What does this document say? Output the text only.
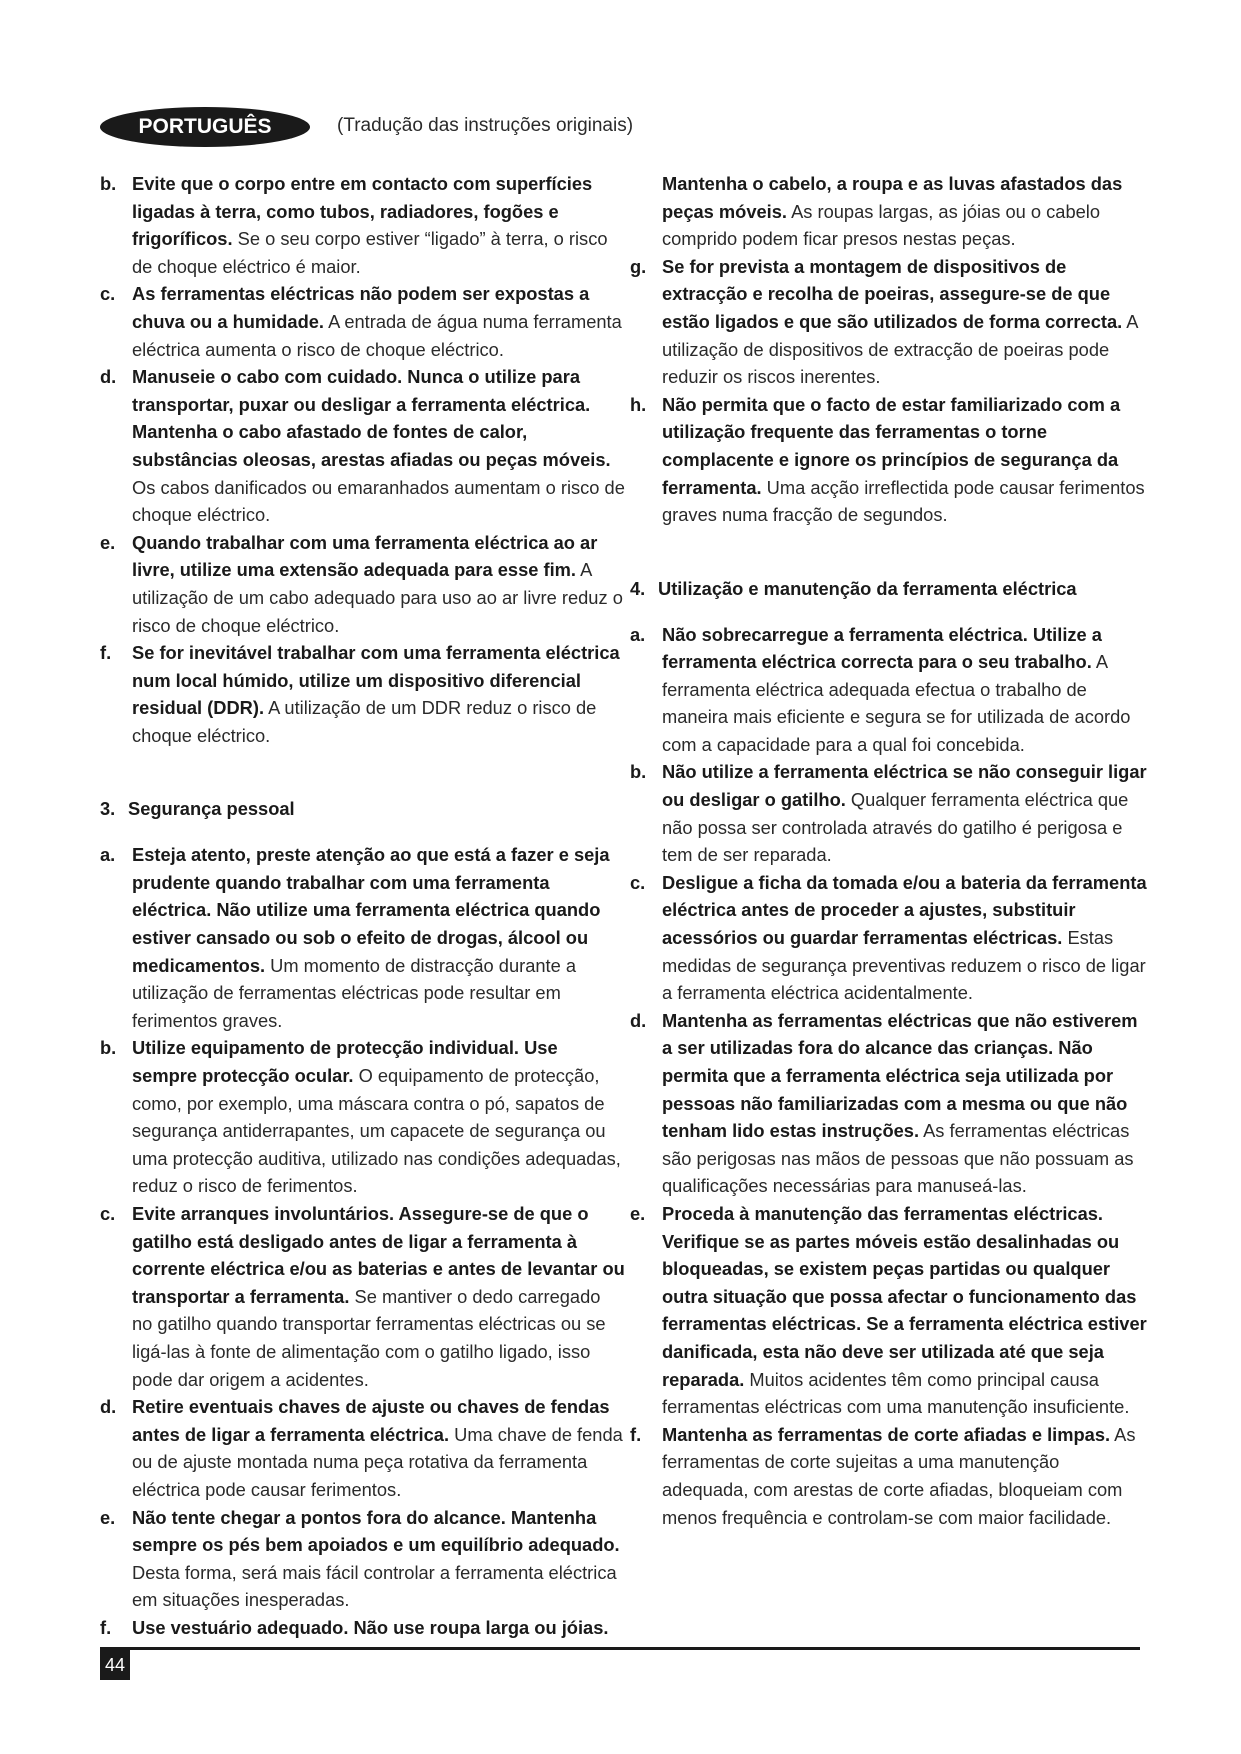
PORTUGUÊS	(Tradução das instruções originais)

b. Evite que o corpo entre em contacto com superfícies ligadas à terra, como tubos, radiadores, fogões e frigoríficos. Se o seu corpo estiver “ligado” à terra, o risco de choque eléctrico é maior.

c. As ferramentas eléctricas não podem ser expostas a chuva ou a humidade. A entrada de água numa ferramenta eléctrica aumenta o risco de choque eléctrico.

d. Manuseie o cabo com cuidado. Nunca o utilize para transportar, puxar ou desligar a ferramenta eléctrica. Mantenha o cabo afastado de fontes de calor, substâncias oleosas, arestas afiadas ou peças móveis. Os cabos danificados ou emaranhados aumentam o risco de choque eléctrico.

e. Quando trabalhar com uma ferramenta eléctrica ao ar livre, utilize uma extensão adequada para esse fim. A utilização de um cabo adequado para uso ao ar livre reduz o risco de choque eléctrico.

f. Se for inevitável trabalhar com uma ferramenta eléctrica num local húmido, utilize um dispositivo diferencial residual (DDR). A utilização de um DDR reduz o risco de choque eléctrico.

3. Segurança pessoal

a. Esteja atento, preste atenção ao que está a fazer e seja prudente quando trabalhar com uma ferramenta eléctrica. Não utilize uma ferramenta eléctrica quando estiver cansado ou sob o efeito de drogas, álcool ou medicamentos. Um momento de distracção durante a utilização de ferramentas eléctricas pode resultar em ferimentos graves.

b. Utilize equipamento de protecção individual. Use sempre protecção ocular. O equipamento de protecção, como, por exemplo, uma máscara contra o pó, sapatos de segurança antiderrapantes, um capacete de segurança ou uma protecção auditiva, utilizado nas condições adequadas, reduz o risco de ferimentos.

c. Evite arranques involuntários. Assegure-se de que o gatilho está desligado antes de ligar a ferramenta à corrente eléctrica e/ou as baterias e antes de levantar ou transportar a ferramenta. Se mantiver o dedo carregado no gatilho quando transportar ferramentas eléctricas ou se ligá-las à fonte de alimentação com o gatilho ligado, isso pode dar origem a acidentes.

d. Retire eventuais chaves de ajuste ou chaves de fendas antes de ligar a ferramenta eléctrica. Uma chave de fenda ou de ajuste montada numa peça rotativa da ferramenta eléctrica pode causar ferimentos.

e. Não tente chegar a pontos fora do alcance. Mantenha sempre os pés bem apoiados e um equilíbrio adequado. Desta forma, será mais fácil controlar a ferramenta eléctrica em situações inesperadas.

f. Use vestuário adequado. Não use roupa larga ou jóias.

Mantenha o cabelo, a roupa e as luvas afastados das peças móveis. As roupas largas, as jóias ou o cabelo comprido podem ficar presos nestas peças.

g. Se for prevista a montagem de dispositivos de extracção e recolha de poeiras, assegure-se de que estão ligados e que são utilizados de forma correcta. A utilização de dispositivos de extracção de poeiras pode reduzir os riscos inerentes.

h. Não permita que o facto de estar familiarizado com a utilização frequente das ferramentas o torne complacente e ignore os princípios de segurança da ferramenta. Uma acção irreflectida pode causar ferimentos graves numa fracção de segundos.

4. Utilização e manutenção da ferramenta eléctrica

a. Não sobrecarregue a ferramenta eléctrica. Utilize a ferramenta eléctrica correcta para o seu trabalho. A ferramenta eléctrica adequada efectua o trabalho de maneira mais eficiente e segura se for utilizada de acordo com a capacidade para a qual foi concebida.

b. Não utilize a ferramenta eléctrica se não conseguir ligar ou desligar o gatilho. Qualquer ferramenta eléctrica que não possa ser controlada através do gatilho é perigosa e tem de ser reparada.

c. Desligue a ficha da tomada e/ou a bateria da ferramenta eléctrica antes de proceder a ajustes, substituir acessórios ou guardar ferramentas eléctricas. Estas medidas de segurança preventivas reduzem o risco de ligar a ferramenta eléctrica acidentalmente.

d. Mantenha as ferramentas eléctricas que não estiverem a ser utilizadas fora do alcance das crianças. Não permita que a ferramenta eléctrica seja utilizada por pessoas não familiarizadas com a mesma ou que não tenham lido estas instruções. As ferramentas eléctricas são perigosas nas mãos de pessoas que não possuam as qualificações necessárias para manuseá-las.

e. Proceda à manutenção das ferramentas eléctricas. Verifique se as partes móveis estão desalinhadas ou bloqueadas, se existem peças partidas ou qualquer outra situação que possa afectar o funcionamento das ferramentas eléctricas. Se a ferramenta eléctrica estiver danificada, esta não deve ser utilizada até que seja reparada. Muitos acidentes têm como principal causa ferramentas eléctricas com uma manutenção insuficiente.

f. Mantenha as ferramentas de corte afiadas e limpas. As ferramentas de corte sujeitas a uma manutenção adequada, com arestas de corte afiadas, bloqueiam com menos frequência e controlam-se com maior facilidade.

44
